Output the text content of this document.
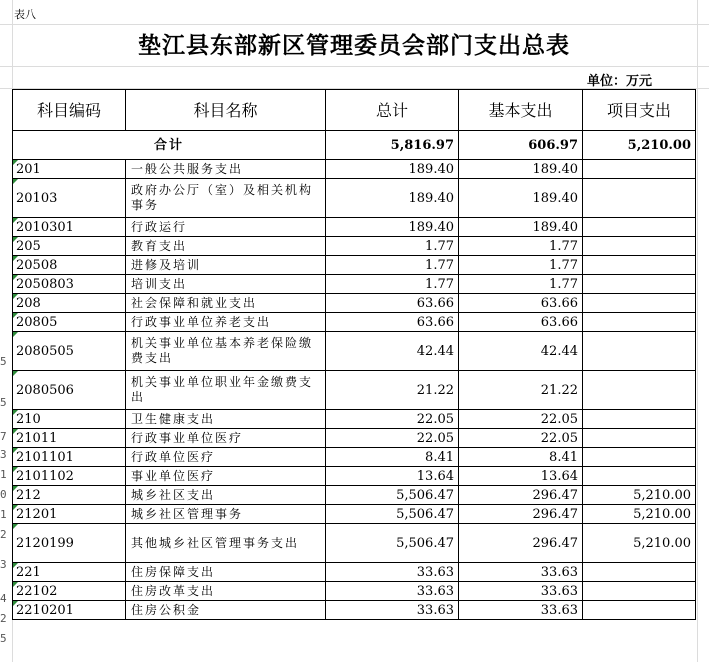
5
5
7
3
1
0
1
2
3
4
2
5
表八
垫江县东部新区管理委员会部门支出总表
单位：万元
科目编码	科目名称	总计	基本支出	项目支出
合计		5,816.97	606.97	5,210.00
201	一般公共服务支出	189.40	189.40	
20103	政府办公厅（室）及相关机构事务	189.40	189.40	
2010301	行政运行	189.40	189.40	
205	教育支出	1.77	1.77	
20508	进修及培训	1.77	1.77	
2050803	培训支出	1.77	1.77	
208	社会保障和就业支出	63.66	63.66	
20805	行政事业单位养老支出	63.66	63.66	
2080505	机关事业单位基本养老保险缴费支出	42.44	42.44	
2080506	机关事业单位职业年金缴费支出	21.22	21.22	
210	卫生健康支出	22.05	22.05	
21011	行政事业单位医疗	22.05	22.05	
2101101	行政单位医疗	8.41	8.41	
2101102	事业单位医疗	13.64	13.64	
212	城乡社区支出	5,506.47	296.47	5,210.00
21201	城乡社区管理事务	5,506.47	296.47	5,210.00
2120199	其他城乡社区管理事务支出	5,506.47	296.47	5,210.00
221	住房保障支出	33.63	33.63	
22102	住房改革支出	33.63	33.63	
2210201	住房公积金	33.63	33.63	
